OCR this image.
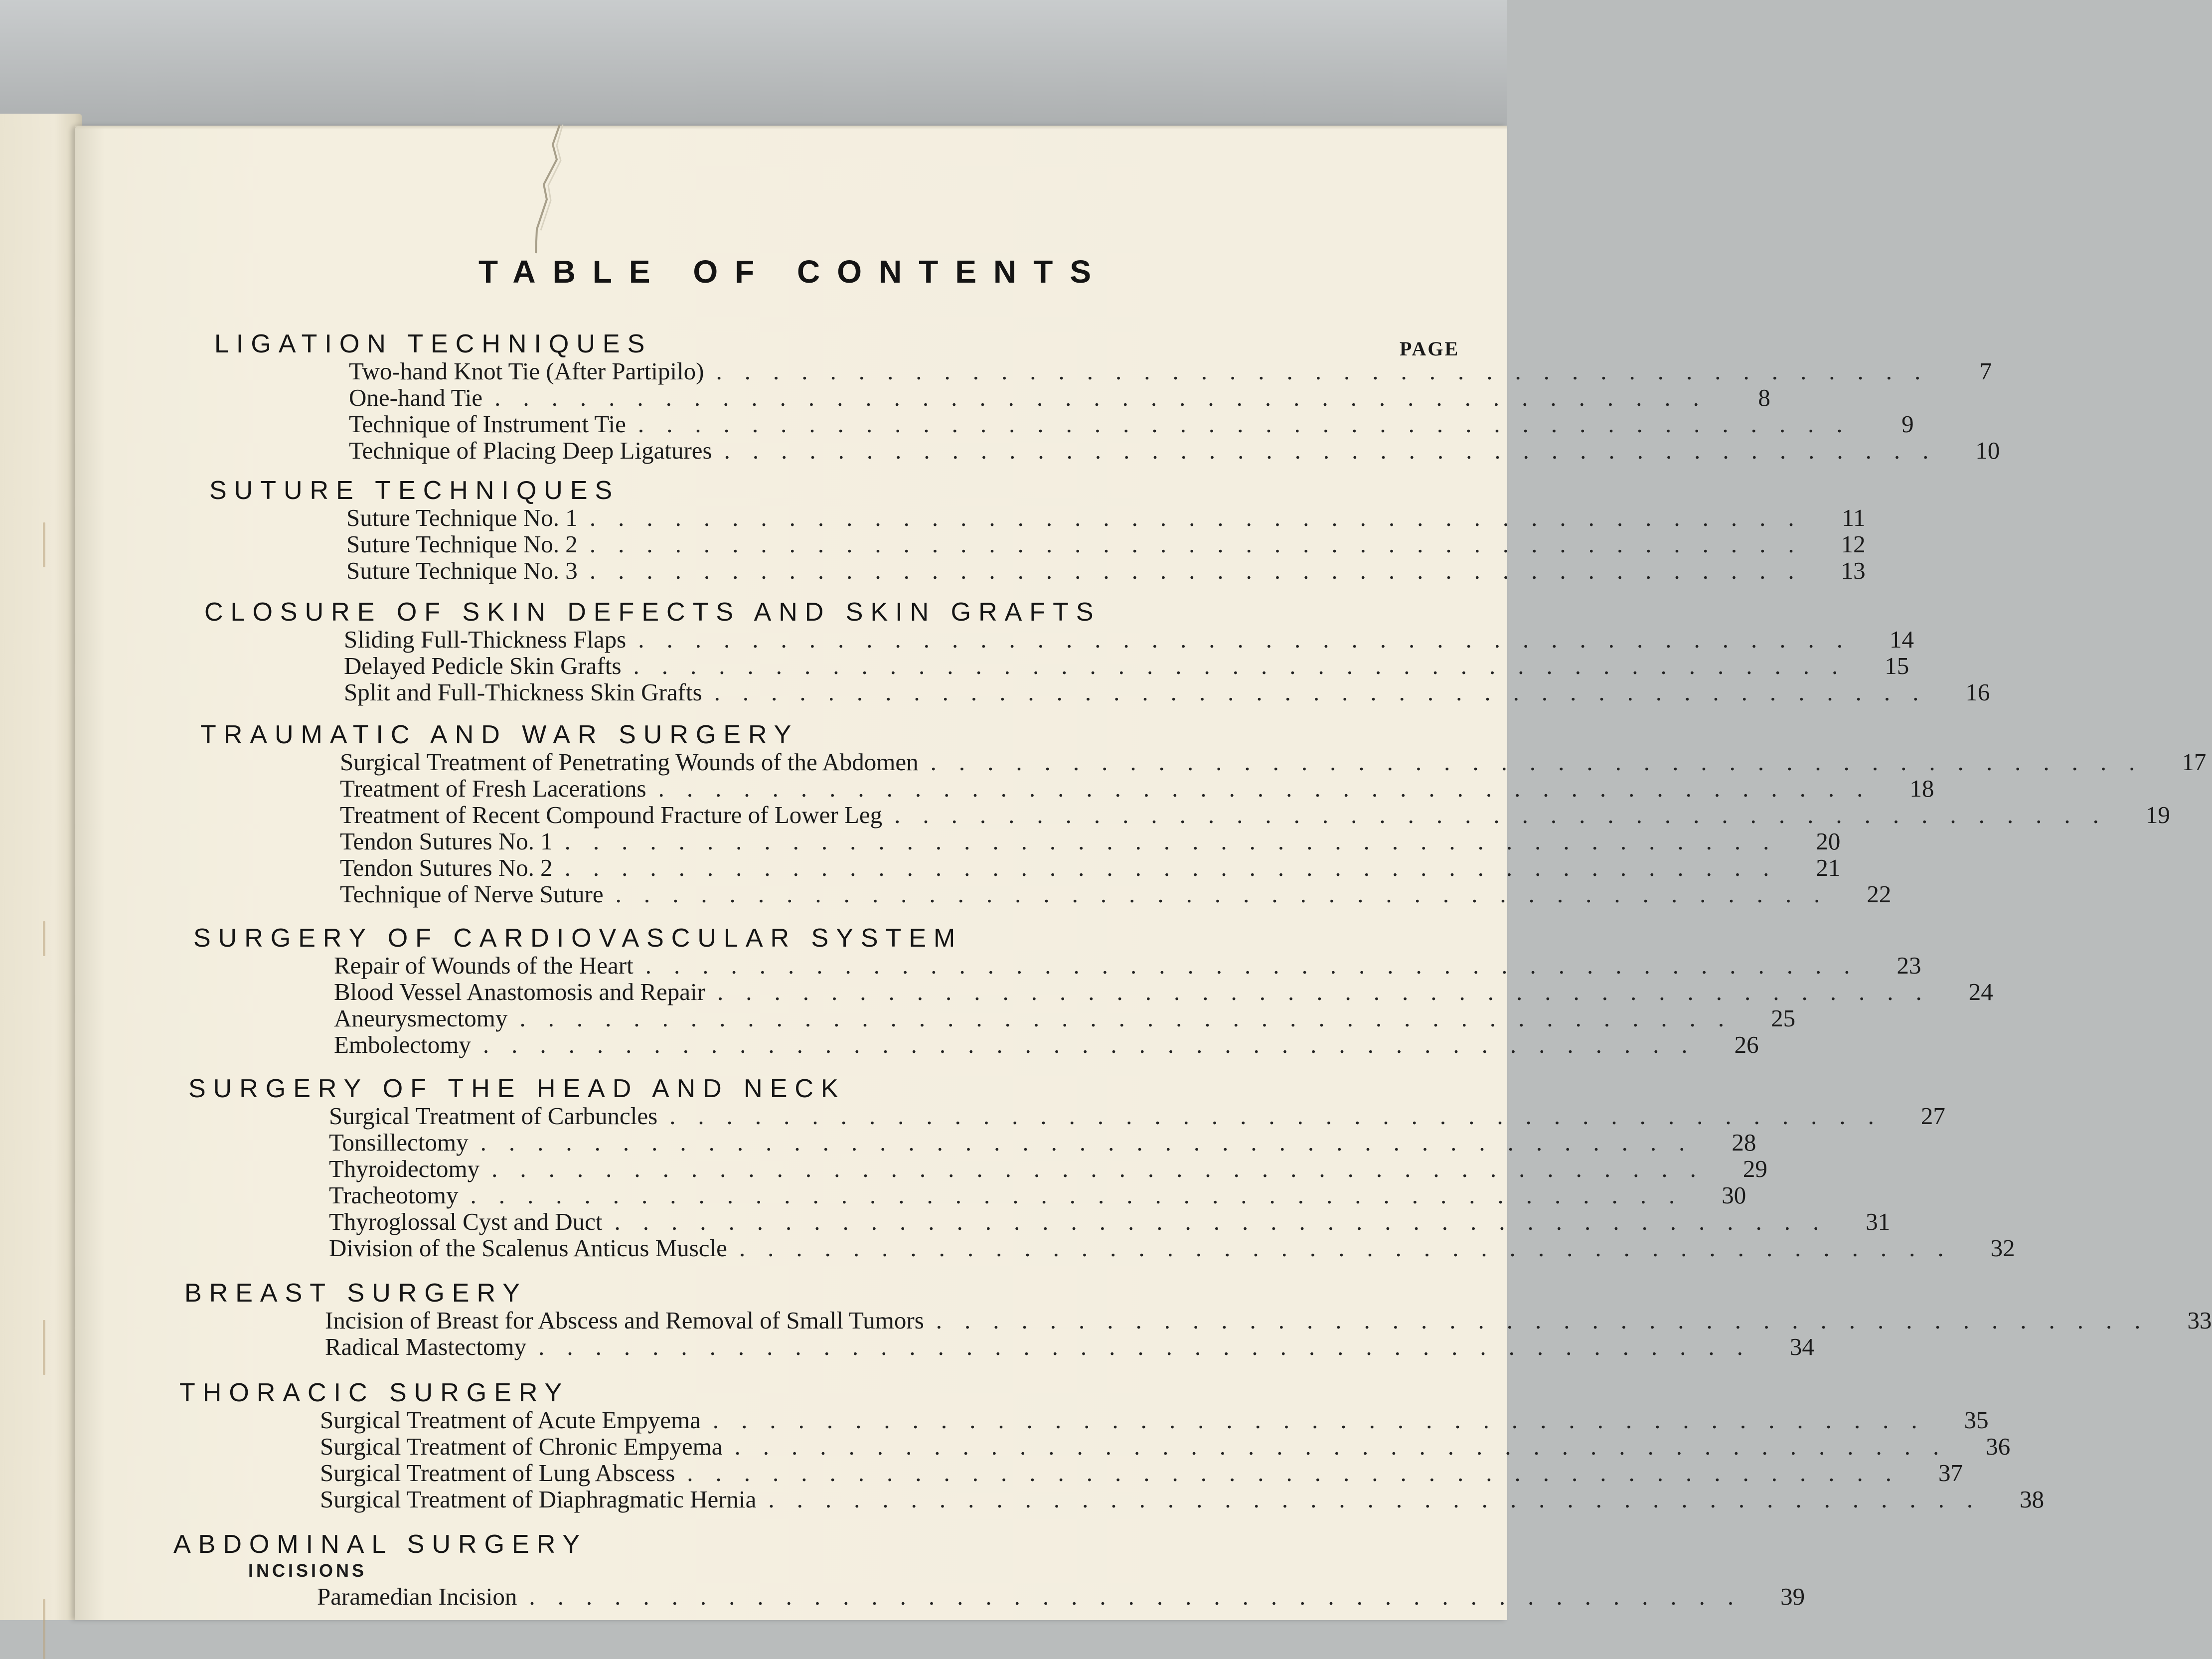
TABLE OF CONTENTS
PAGE
LIGATION TECHNIQUES
Two-hand Knot Tie (After Partipilo) ...........................................	7
One-hand Tie ...........................................	8
Technique of Instrument Tie ...........................................	9
Technique of Placing Deep Ligatures ...........................................	10
SUTURE TECHNIQUES
Suture Technique No. 1 ...........................................	11
Suture Technique No. 2 ...........................................	12
Suture Technique No. 3 ...........................................	13
CLOSURE OF SKIN DEFECTS AND SKIN GRAFTS
Sliding Full-Thickness Flaps ...........................................	14
Delayed Pedicle Skin Grafts ...........................................	15
Split and Full-Thickness Skin Grafts ...........................................	16
TRAUMATIC AND WAR SURGERY
Surgical Treatment of Penetrating Wounds of the Abdomen ...........................................	17
Treatment of Fresh Lacerations ...........................................	18
Treatment of Recent Compound Fracture of Lower Leg ...........................................	19
Tendon Sutures No. 1 ...........................................	20
Tendon Sutures No. 2 ...........................................	21
Technique of Nerve Suture ...........................................	22
SURGERY OF CARDIOVASCULAR SYSTEM
Repair of Wounds of the Heart ...........................................	23
Blood Vessel Anastomosis and Repair ...........................................	24
Aneurysmectomy ...........................................	25
Embolectomy ...........................................	26
SURGERY OF THE HEAD AND NECK
Surgical Treatment of Carbuncles ...........................................	27
Tonsillectomy ...........................................	28
Thyroidectomy ...........................................	29
Tracheotomy ...........................................	30
Thyroglossal Cyst and Duct ...........................................	31
Division of the Scalenus Anticus Muscle ...........................................	32
BREAST SURGERY
Incision of Breast for Abscess and Removal of Small Tumors ...........................................	33
Radical Mastectomy ...........................................	34
THORACIC SURGERY
Surgical Treatment of Acute Empyema ...........................................	35
Surgical Treatment of Chronic Empyema ...........................................	36
Surgical Treatment of Lung Abscess ...........................................	37
Surgical Treatment of Diaphragmatic Hernia ...........................................	38
ABDOMINAL SURGERY
INCISIONS
Paramedian Incision ...........................................	39
